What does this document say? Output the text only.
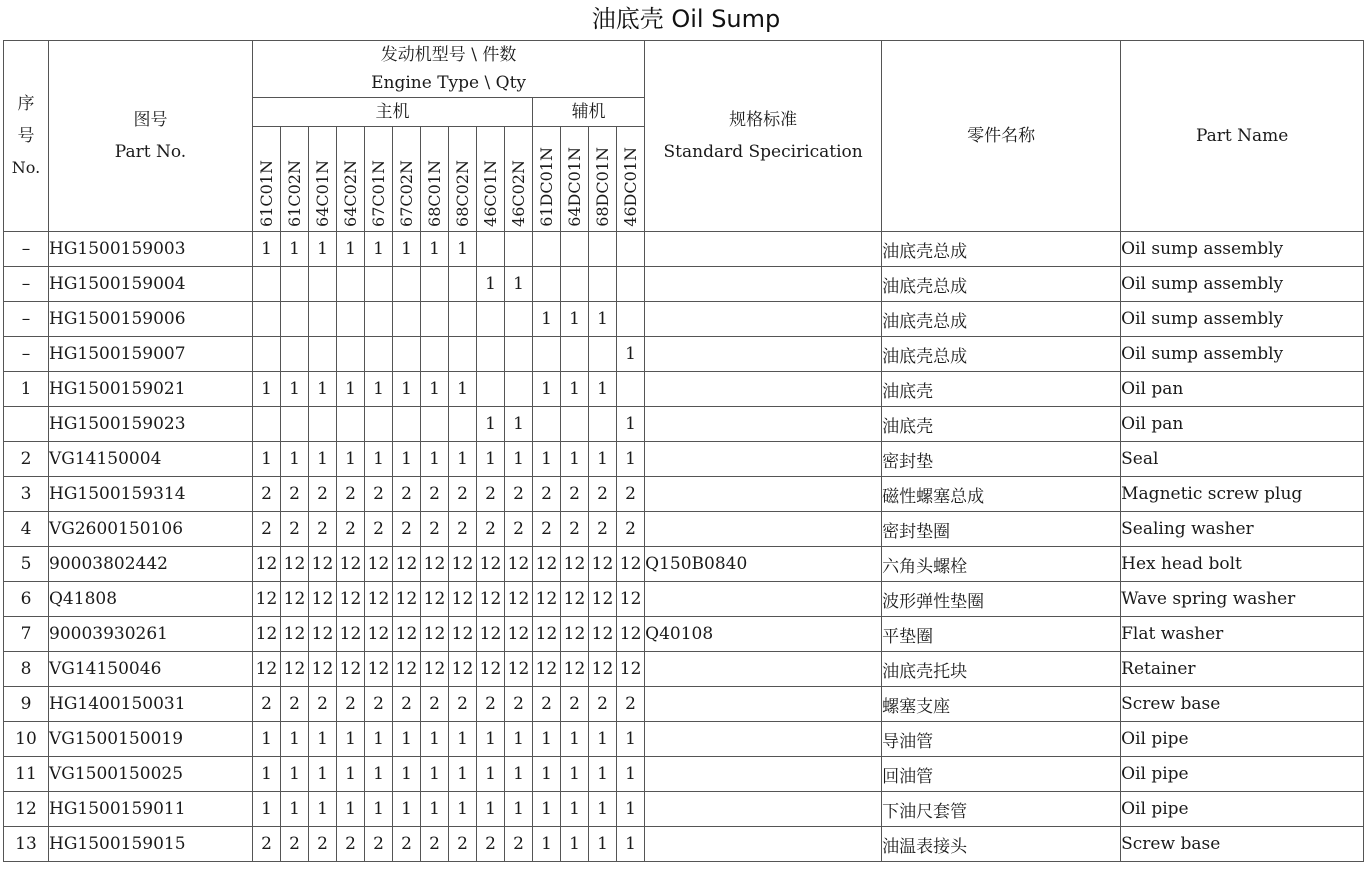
油底壳 Oil Sump
序
号
No.	图号
Part No.	发动机型号 \ 件数
Engine Type \ Qty														规格标准
Standard Specirication	零件名称	Part Name
		主机										辅机						

		61C01N	61C02N	64C01N	64C02N	67C01N	67C02N	68C01N	68C02N	46C01N	46C02N	61DC01N	64DC01N	68DC01N	46DC01N			

–	HG1500159003	1	1	1	1	1	1	1	1								油底壳总成	Oil sump assembly
–	HG1500159004									1	1						油底壳总成	Oil sump assembly
–	HG1500159006											1	1	1			油底壳总成	Oil sump assembly
–	HG1500159007														1		油底壳总成	Oil sump assembly
1	HG1500159021	1	1	1	1	1	1	1	1			1	1	1			油底壳	Oil pan
	HG1500159023									1	1				1		油底壳	Oil pan
2	VG14150004	1	1	1	1	1	1	1	1	1	1	1	1	1	1		密封垫	Seal
3	HG1500159314	2	2	2	2	2	2	2	2	2	2	2	2	2	2		磁性螺塞总成	Magnetic screw plug
4	VG2600150106	2	2	2	2	2	2	2	2	2	2	2	2	2	2		密封垫圈	Sealing washer
5	90003802442	12	12	12	12	12	12	12	12	12	12	12	12	12	12	Q150B0840	六角头螺栓	Hex head bolt
6	Q41808	12	12	12	12	12	12	12	12	12	12	12	12	12	12		波形弹性垫圈	Wave spring washer
7	90003930261	12	12	12	12	12	12	12	12	12	12	12	12	12	12	Q40108	平垫圈	Flat washer
8	VG14150046	12	12	12	12	12	12	12	12	12	12	12	12	12	12		油底壳托块	Retainer
9	HG1400150031	2	2	2	2	2	2	2	2	2	2	2	2	2	2		螺塞支座	Screw base
10	VG1500150019	1	1	1	1	1	1	1	1	1	1	1	1	1	1		导油管	Oil pipe
11	VG1500150025	1	1	1	1	1	1	1	1	1	1	1	1	1	1		回油管	Oil pipe
12	HG1500159011	1	1	1	1	1	1	1	1	1	1	1	1	1	1		下油尺套管	Oil pipe
13	HG1500159015	2	2	2	2	2	2	2	2	2	2	1	1	1	1		油温表接头	Screw base
